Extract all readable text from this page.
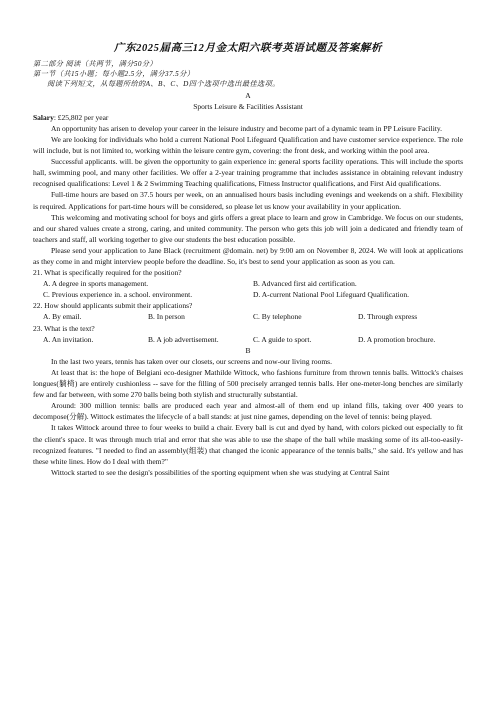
广东2025届高三12月金太阳六联考英语试题及答案解析
第二部分 阅读（共两节，满分50分）
第一节（共15小题；每小题2.5分，满分37.5分）
阅读下列短文，从每题所给的A、B、C、D四个选项中选出最佳选项。
A
Sports Leisure & Facilities Assistant
Salary: £25,802 per year

An opportunity has arisen to develop your career in the leisure industry and become part of a dynamic team in PP Leisure Facility.

We are looking for individuals who hold a current National Pool Lifeguard Qualification and have customer service experience. The role will include, but is not limited to, working within the leisure centre gym, covering: the front desk, and working within the pool area.

Successful applicants. will. be given the opportunity to gain experience in: general sports facility operations. This will include the sports hall, swimming pool, and many other facilities. We offer a 2-year training programme that includes assistance in obtaining relevant industry recognised qualifications: Level 1 & 2 Swimming Teaching qualifications, Fitness Instructor qualifications, and First Aid qualifications.

Full-time hours are based on 37.5 hours per week, on an annualised hours basis including evenings and weekends on a shift. Flexibility is required. Applications for part-time hours will be considered, so please let us know your availability in your application.

This welcoming and motivating school for boys and girls offers a great place to learn and grow in Cambridge. We focus on our students, and our shared values create a strong, caring, and united community. The person who gets this job will join a dedicated and friendly team of teachers and staff, all working together to give our students the best education possible.

Please send your application to Jane Black (recruitment @domain. net) by 9:00 am on November 8, 2024. We will look at applications as they come in and might interview people before the deadline. So, it's best to send your application as soon as you can.

21. What is specifically required for the position?
A. A degree in sports management.	B. Advanced first aid certification.
C. Previous experience in. a school. environment.	D. A-current National Pool Lifeguard Qualification.
22. How should applicants submit their applications?
A. By email.	B. In person	C. By telephone	D. Through express
23. What is the text?
A. An invitation.	B. A job advertisement.	C. A guide to sport.	D. A promotion brochure.
B

In the last two years, tennis has taken over our closets, our screens and now-our living rooms.

At least that is: the hope of Belgiani eco-designer Mathilde Wittock, who fashions furniture from thrown tennis balls. Wittock's chaises longues(躺椅) are entirely cushionless -- save for the filling of 500 precisely arranged tennis balls. Her one-meter-long benches are similarly few and far between, with some 270 balls being both stylish and structurally substantial.

Around: 300 million tennis: balls are produced each year and almost-all of them end up inland fills, taking over 400 years to decompose(分解). Wittock estimates the lifecycle of a ball stands: at just nine games, depending on the level of tennis: being played.

It takes Wittock around three to four weeks to build a chair. Every ball is cut and dyed by hand, with colors picked out especially to fit the client's space. It was through much trial and error that she was able to use the shape of the ball while masking some of its all-too-easily-recognized features. "I needed to find an assembly(组装) that changed the iconic appearance of the tennis balls," she said. It's yellow and has these white lines. How do I deal with them?"

Wittock started to see the design's possibilities of the sporting equipment when she was studying at Central Saint
